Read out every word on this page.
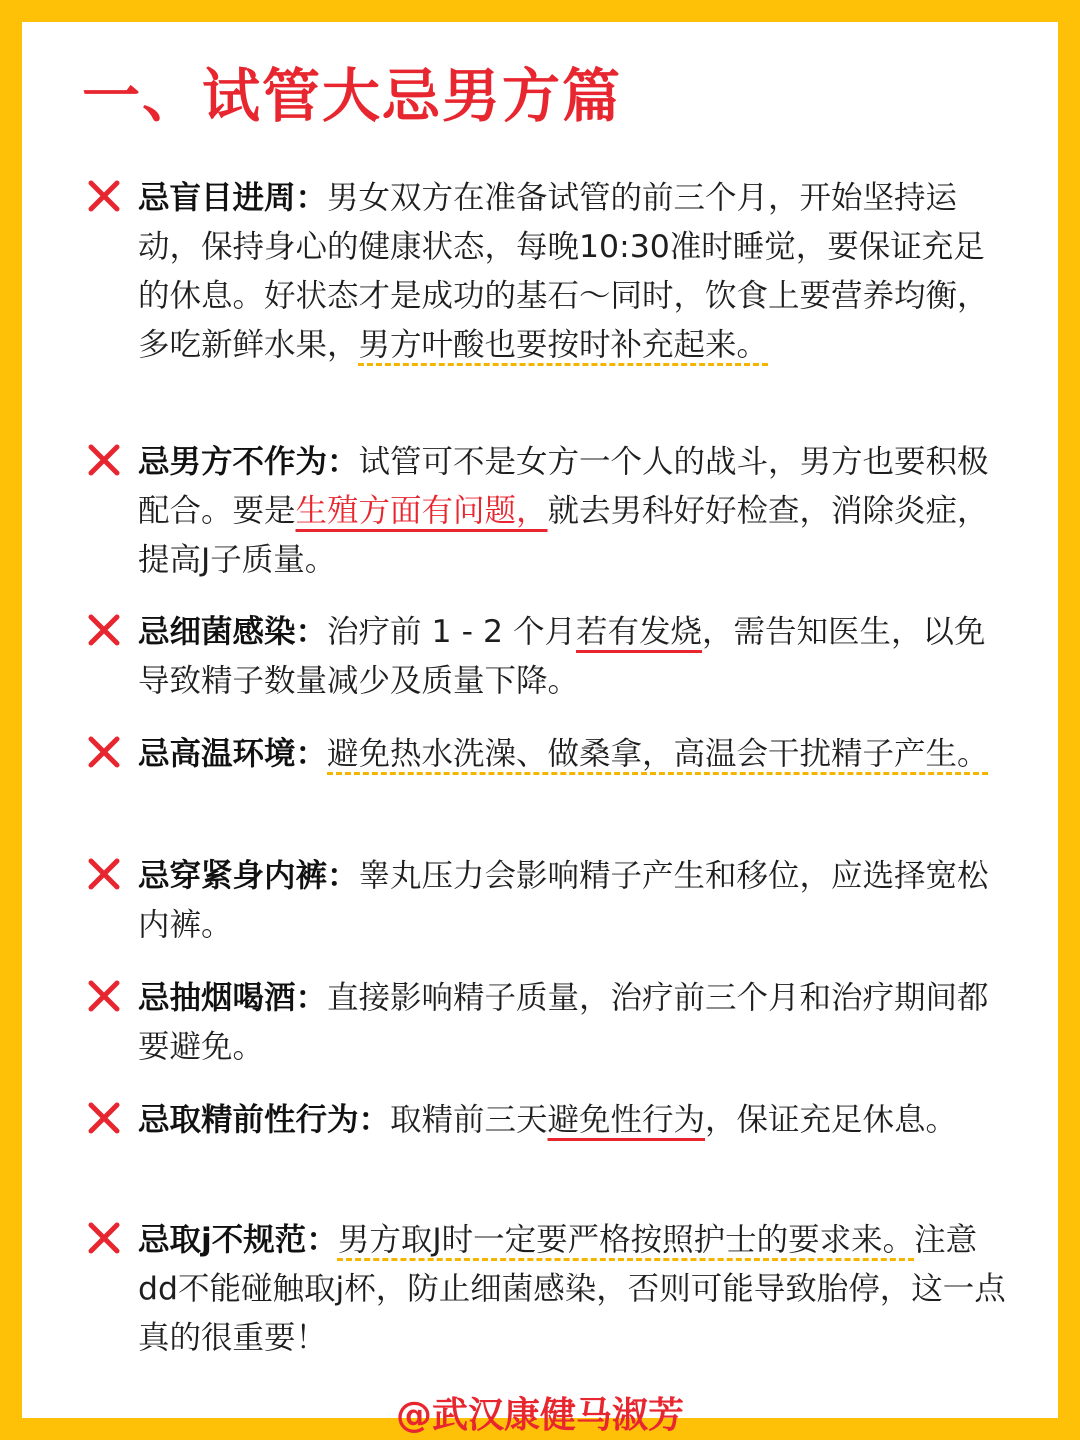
一、试管大忌男方篇
忌盲目进周：男女双方在准备试管的前三个月，开始坚持运动，保持身心的健康状态，每晚10:30准时睡觉，要保证充足的休息。好状态才是成功的基石～同时，饮食上要营养均衡，多吃新鲜水果，男方叶酸也要按时补充起来。
忌男方不作为：试管可不是女方一个人的战斗，男方也要积极配合。要是生殖方面有问题，就去男科好好检查，消除炎症，提高J子质量。
忌细菌感染：治疗前 1 - 2 个月若有发烧，需告知医生，以免导致精子数量减少及质量下降。
忌高温环境：避免热水洗澡、做桑拿，高温会干扰精子产生。
忌穿紧身内裤：睾丸压力会影响精子产生和移位，应选择宽松内裤。
忌抽烟喝酒：直接影响精子质量，治疗前三个月和治疗期间都要避免。
忌取精前性行为：取精前三天避免性行为，保证充足休息。
忌取j不规范：男方取J时一定要严格按照护士的要求来。注意dd不能碰触取j杯，防止细菌感染，否则可能导致胎停，这一点真的很重要！
@武汉康健马淑芳
